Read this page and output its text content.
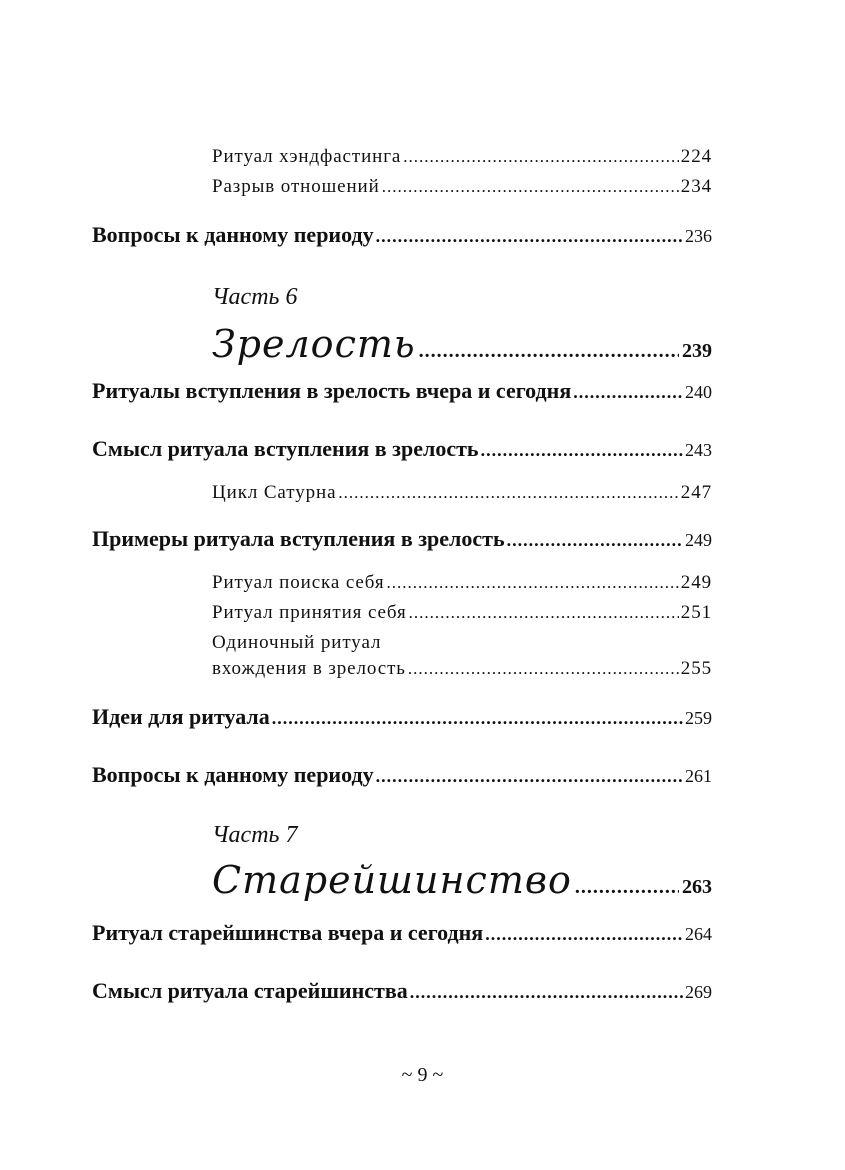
Ритуал хэндфастинга .....	224
Разрыв отношений .....	234
Вопросы к данному периоду .....	236
Часть 6
Зрелость .....	239
Ритуалы вступления в зрелость вчера и сегодня .....	240
Смысл ритуала вступления в зрелость .....	243
Цикл Сатурна .....	247
Примеры ритуала вступления в зрелость .....	249
Ритуал поиска себя .....	249
Ритуал принятия себя .....	251
Одиночный ритуал
вхождения в зрелость .....	255
Идеи для ритуала .....	259
Вопросы к данному периоду .....	261
Часть 7
Старейшинство .....	263
Ритуал старейшинства вчера и сегодня .....	264
Смысл ритуала старейшинства .....	269
~ 9 ~
